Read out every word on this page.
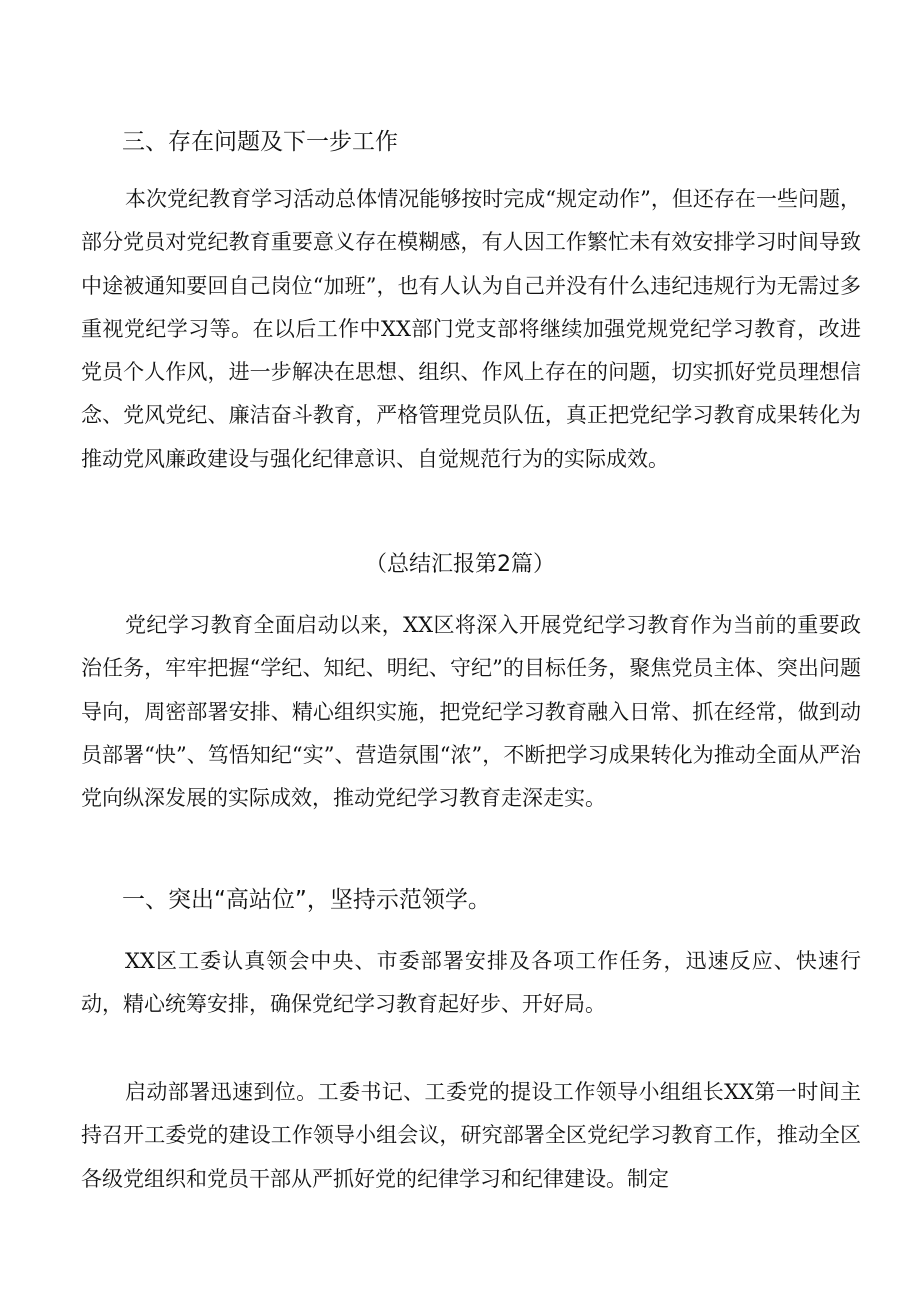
三、存在问题及下一步工作

本次党纪教育学习活动总体情况能够按时完成“规定动作”，但还存在一些问题，部分党员对党纪教育重要意义存在模糊感，有人因工作繁忙未有效安排学习时间导致中途被通知要回自己岗位“加班”，也有人认为自己并没有什么违纪违规行为无需过多重视党纪学习等。在以后工作中XX部门党支部将继续加强党规党纪学习教育，改进党员个人作风，进一步解决在思想、组织、作风上存在的问题，切实抓好党员理想信念、党风党纪、廉洁奋斗教育，严格管理党员队伍，真正把党纪学习教育成果转化为推动党风廉政建设与强化纪律意识、自觉规范行为的实际成效。

（总结汇报第2篇）

党纪学习教育全面启动以来，XX区将深入开展党纪学习教育作为当前的重要政治任务，牢牢把握“学纪、知纪、明纪、守纪”的目标任务，聚焦党员主体、突出问题导向，周密部署安排、精心组织实施，把党纪学习教育融入日常、抓在经常，做到动员部署“快”、笃悟知纪“实”、营造氛围“浓”，不断把学习成果转化为推动全面从严治党向纵深发展的实际成效，推动党纪学习教育走深走实。

一、突出“高站位”，坚持示范领学。

XX区工委认真领会中央、市委部署安排及各项工作任务，迅速反应、快速行动，精心统筹安排，确保党纪学习教育起好步、开好局。

启动部署迅速到位。工委书记、工委党的提设工作领导小组组长XX第一时间主持召开工委党的建设工作领导小组会议，研究部署全区党纪学习教育工作，推动全区各级党组织和党员干部从严抓好党的纪律学习和纪律建设。制定
